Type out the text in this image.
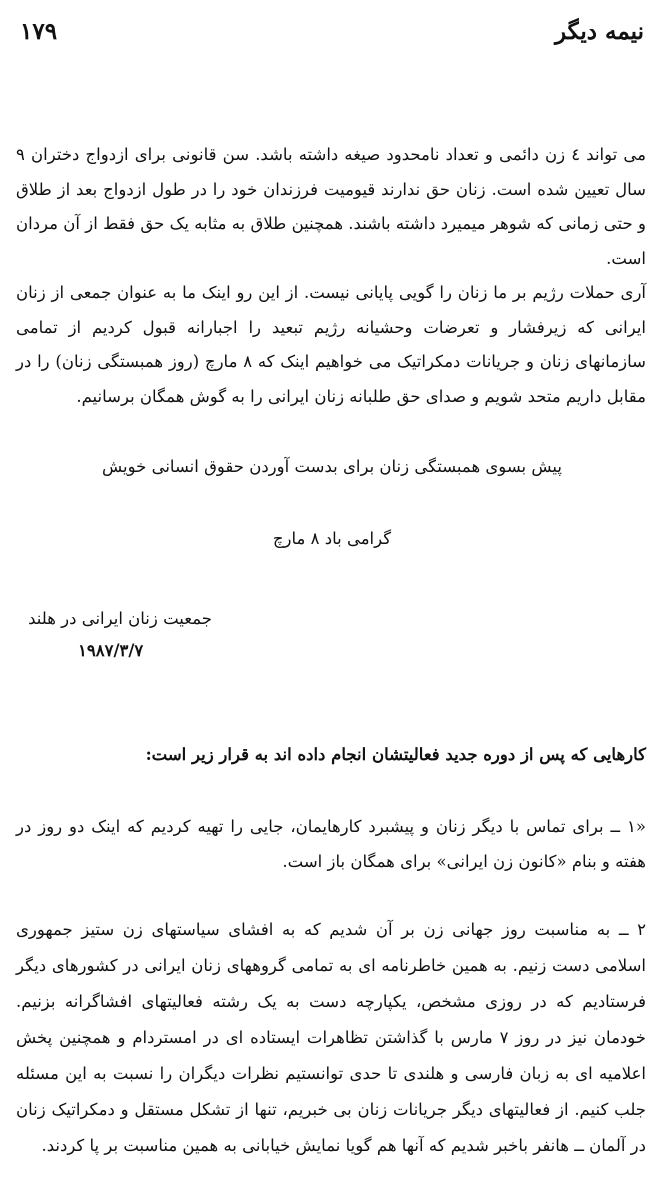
نیمه دیگر
۱۷۹

می تواند ٤ زن دائمی و تعداد نامحدود صیغه داشته باشد. سن قانونی برای ازدواج دختران ۹ سال تعیین شده است. زنان حق ندارند قیومیت فرزندان خود را در طول ازدواج بعد از طلاق و حتی زمانی که شوهر میمیرد داشته باشند. همچنین طلاق به مثابه یک حق فقط از آن مردان است.

آری حملات رژیم بر ما زنان را گویی پایانی نیست. از این رو اینک ما به عنوان جمعی از زنان ایرانی که زیرفشار و تعرضات وحشیانه رژیم تبعید را اجبارانه قبول کردیم از تمامی سازمانهای زنان و جریانات دمکراتیک می خواهیم اینک که ۸ مارچ (روز همبستگی زنان) را در مقابل داریم متحد شویم و صدای حق طلبانه زنان ایرانی را به گوش همگان برسانیم.

پیش بسوی همبستگی زنان برای بدست آوردن حقوق انسانی خویش
گرامی باد ۸ مارچ
جمعیت زنان ایرانی در هلند
۱۹۸۷/۳/۷

کارهایی که پس از دوره جدید فعالیتشان انجام داده اند به قرار زیر است:

«۱ ــ برای تماس با دیگر زنان و پیشبرد کارهایمان، جایی را تهیه کردیم که اینک دو روز در هفته و بنام «کانون زن ایرانی» برای همگان باز است.

۲ ــ به مناسبت روز جهانی زن بر آن شدیم که به افشای سیاستهای زن ستیز جمهوری اسلامی دست زنیم. به همین خاطرنامه ای به تمامی گروههای زنان ایرانی در کشورهای دیگر فرستادیم که در روزی مشخص، یکپارچه دست به یک رشته فعالیتهای افشاگرانه بزنیم. خودمان نیز در روز ۷ مارس با گذاشتن تظاهرات ایستاده ای در امستردام و همچنین پخش اعلامیه ای به زبان فارسی و هلندی تا حدی توانستیم نظرات دیگران را نسبت به این مسئله جلب کنیم. از فعالیتهای دیگر جریانات زنان بی خبریم، تنها از تشکل مستقل و دمکراتیک زنان در آلمان ــ هانفر باخبر شدیم که آنها هم گویا نمایش خیابانی به همین مناسبت بر پا کردند.
